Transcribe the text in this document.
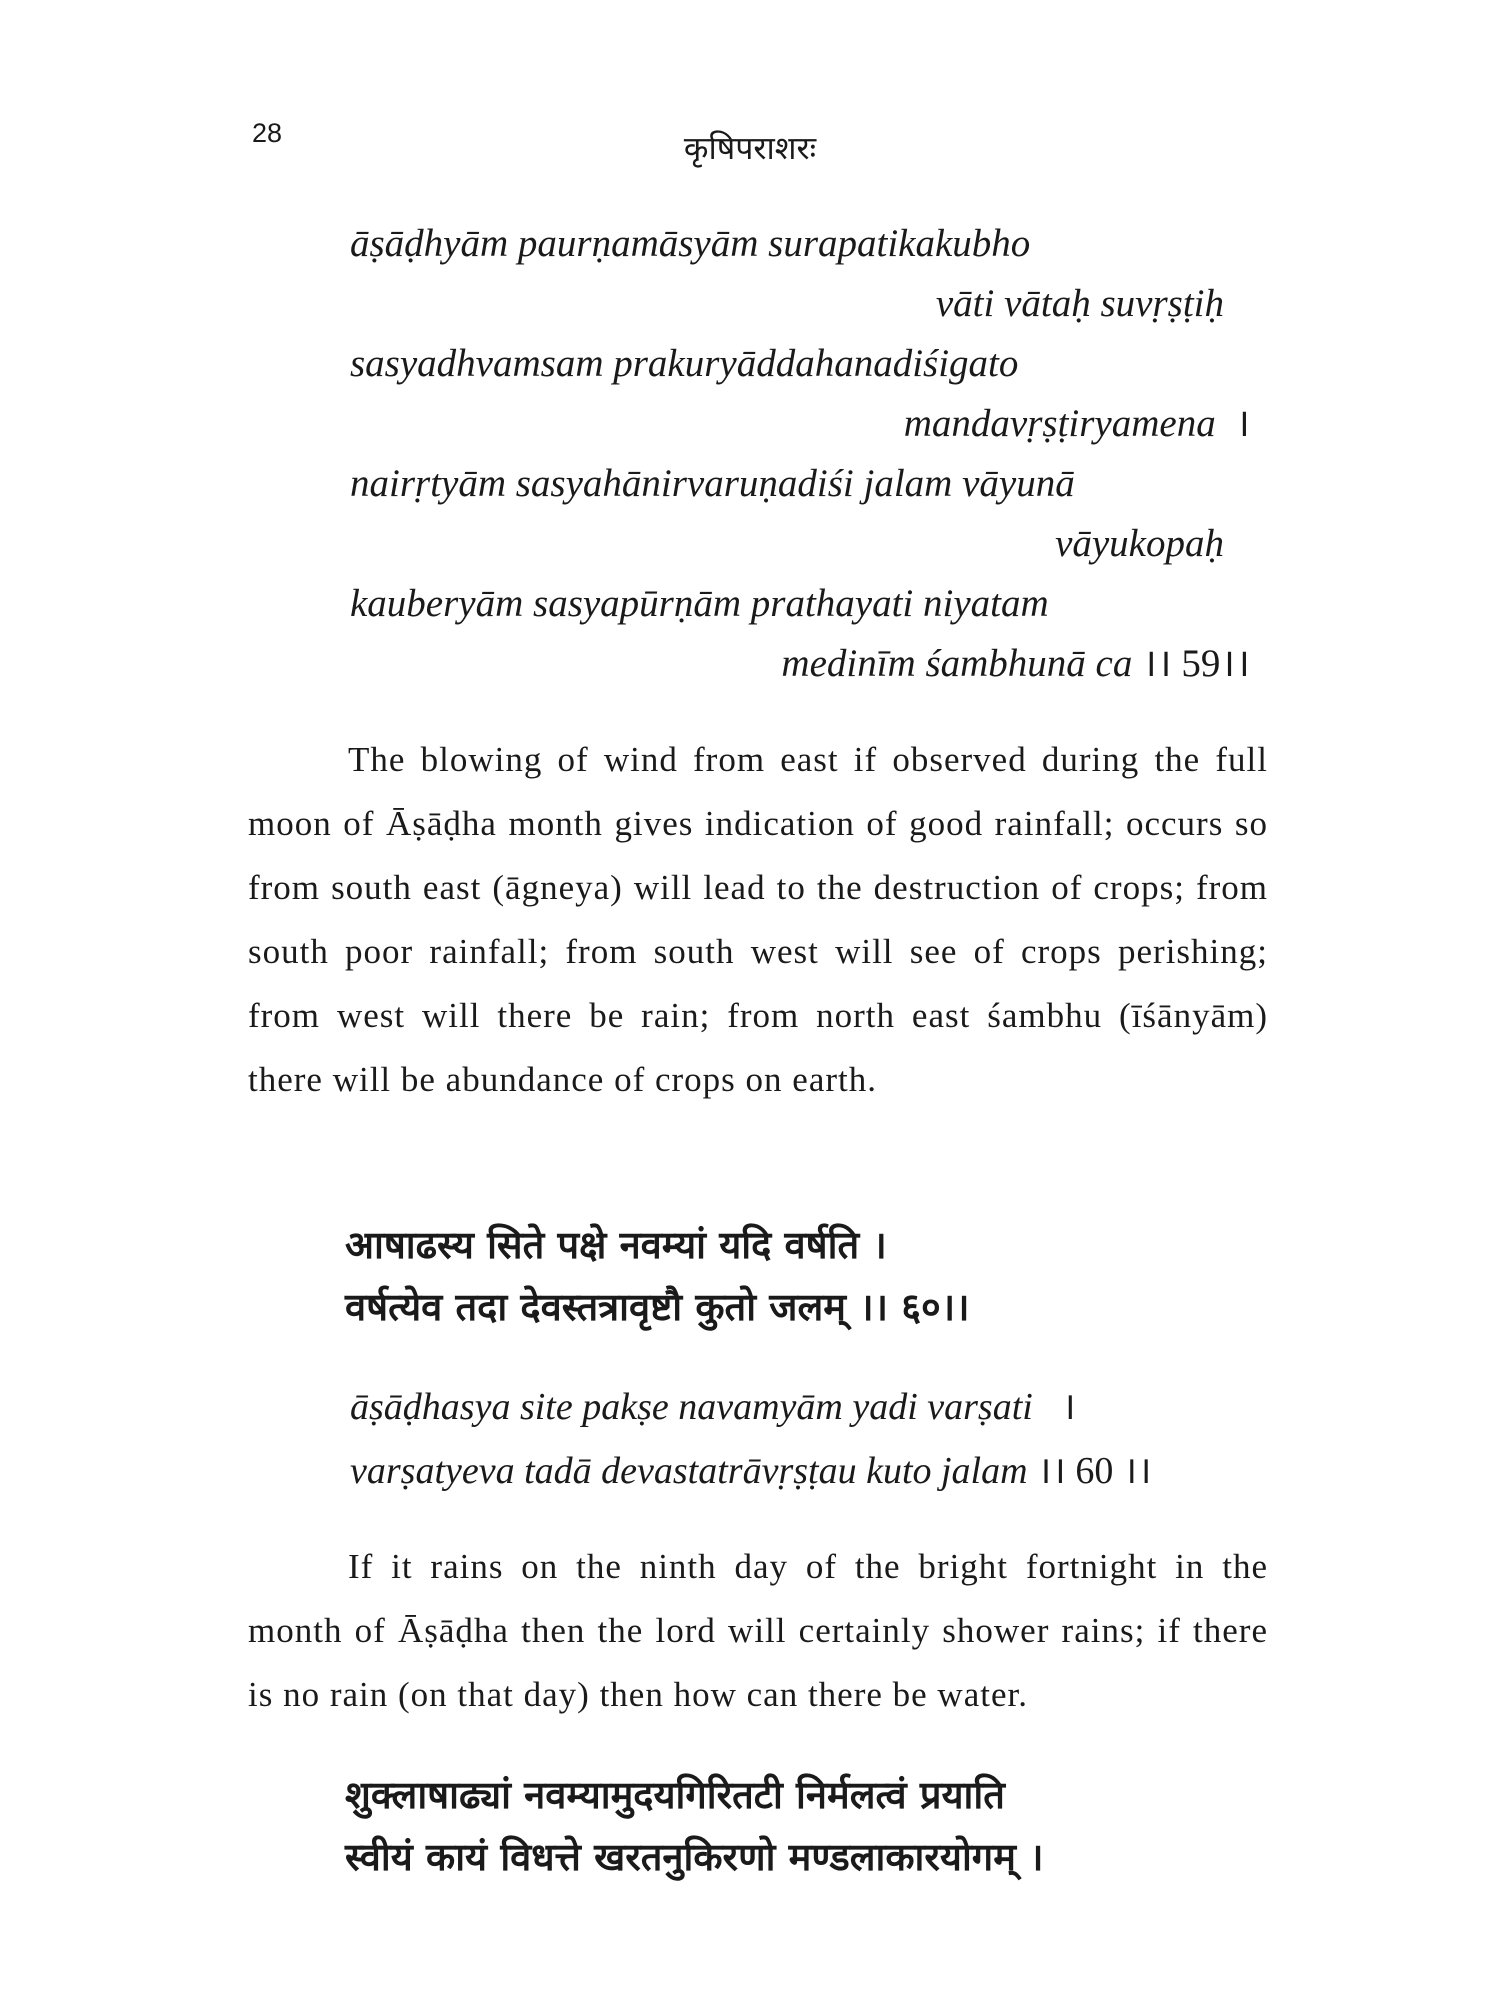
28	कृषिपराशरः
āṣāḍhyām paurṇamāsyām surapatikakubho
vāti vātaḥ suvṛṣṭiḥ
sasyadhvamsam prakuryāddahanadiśigato
mandavṛṣṭiryamena ।
nairṛtyām sasyahānirvaruṇadiśi jalam vāyunā
vāyukopaḥ
kauberyām sasyapūrṇām prathayati niyatam
medinīm śambhunā ca ।। 59।।
The blowing of wind from east if observed during the full moon of Āṣāḍha month gives indication of good rainfall; occurs so from south east (āgneya) will lead to the destruction of crops; from south poor rainfall; from south west will see of crops perishing; from west will there be rain; from north east śambhu (īśānyām) there will be abundance of crops on earth.
आषाढस्य सिते पक्षे नवम्यां यदि वर्षति ।
वर्षत्येव तदा देवस्तत्रावृष्टौ कुतो जलम् ।। ६०।।
āṣāḍhasya site pakṣe navamyām yadi varṣati ।
varṣatyeva tadā devastatrāvṛṣṭau kuto jalam ।। 60 ।।
If it rains on the ninth day of the bright fortnight in the month of Āṣāḍha then the lord will certainly shower rains; if there is no rain (on that day) then how can there be water.
शुक्लाषाढ्यां नवम्यामुदयगिरितटी निर्मलत्वं प्रयाति
स्वीयं कायं विधत्ते खरतनुकिरणो मण्डलाकारयोगम् ।
